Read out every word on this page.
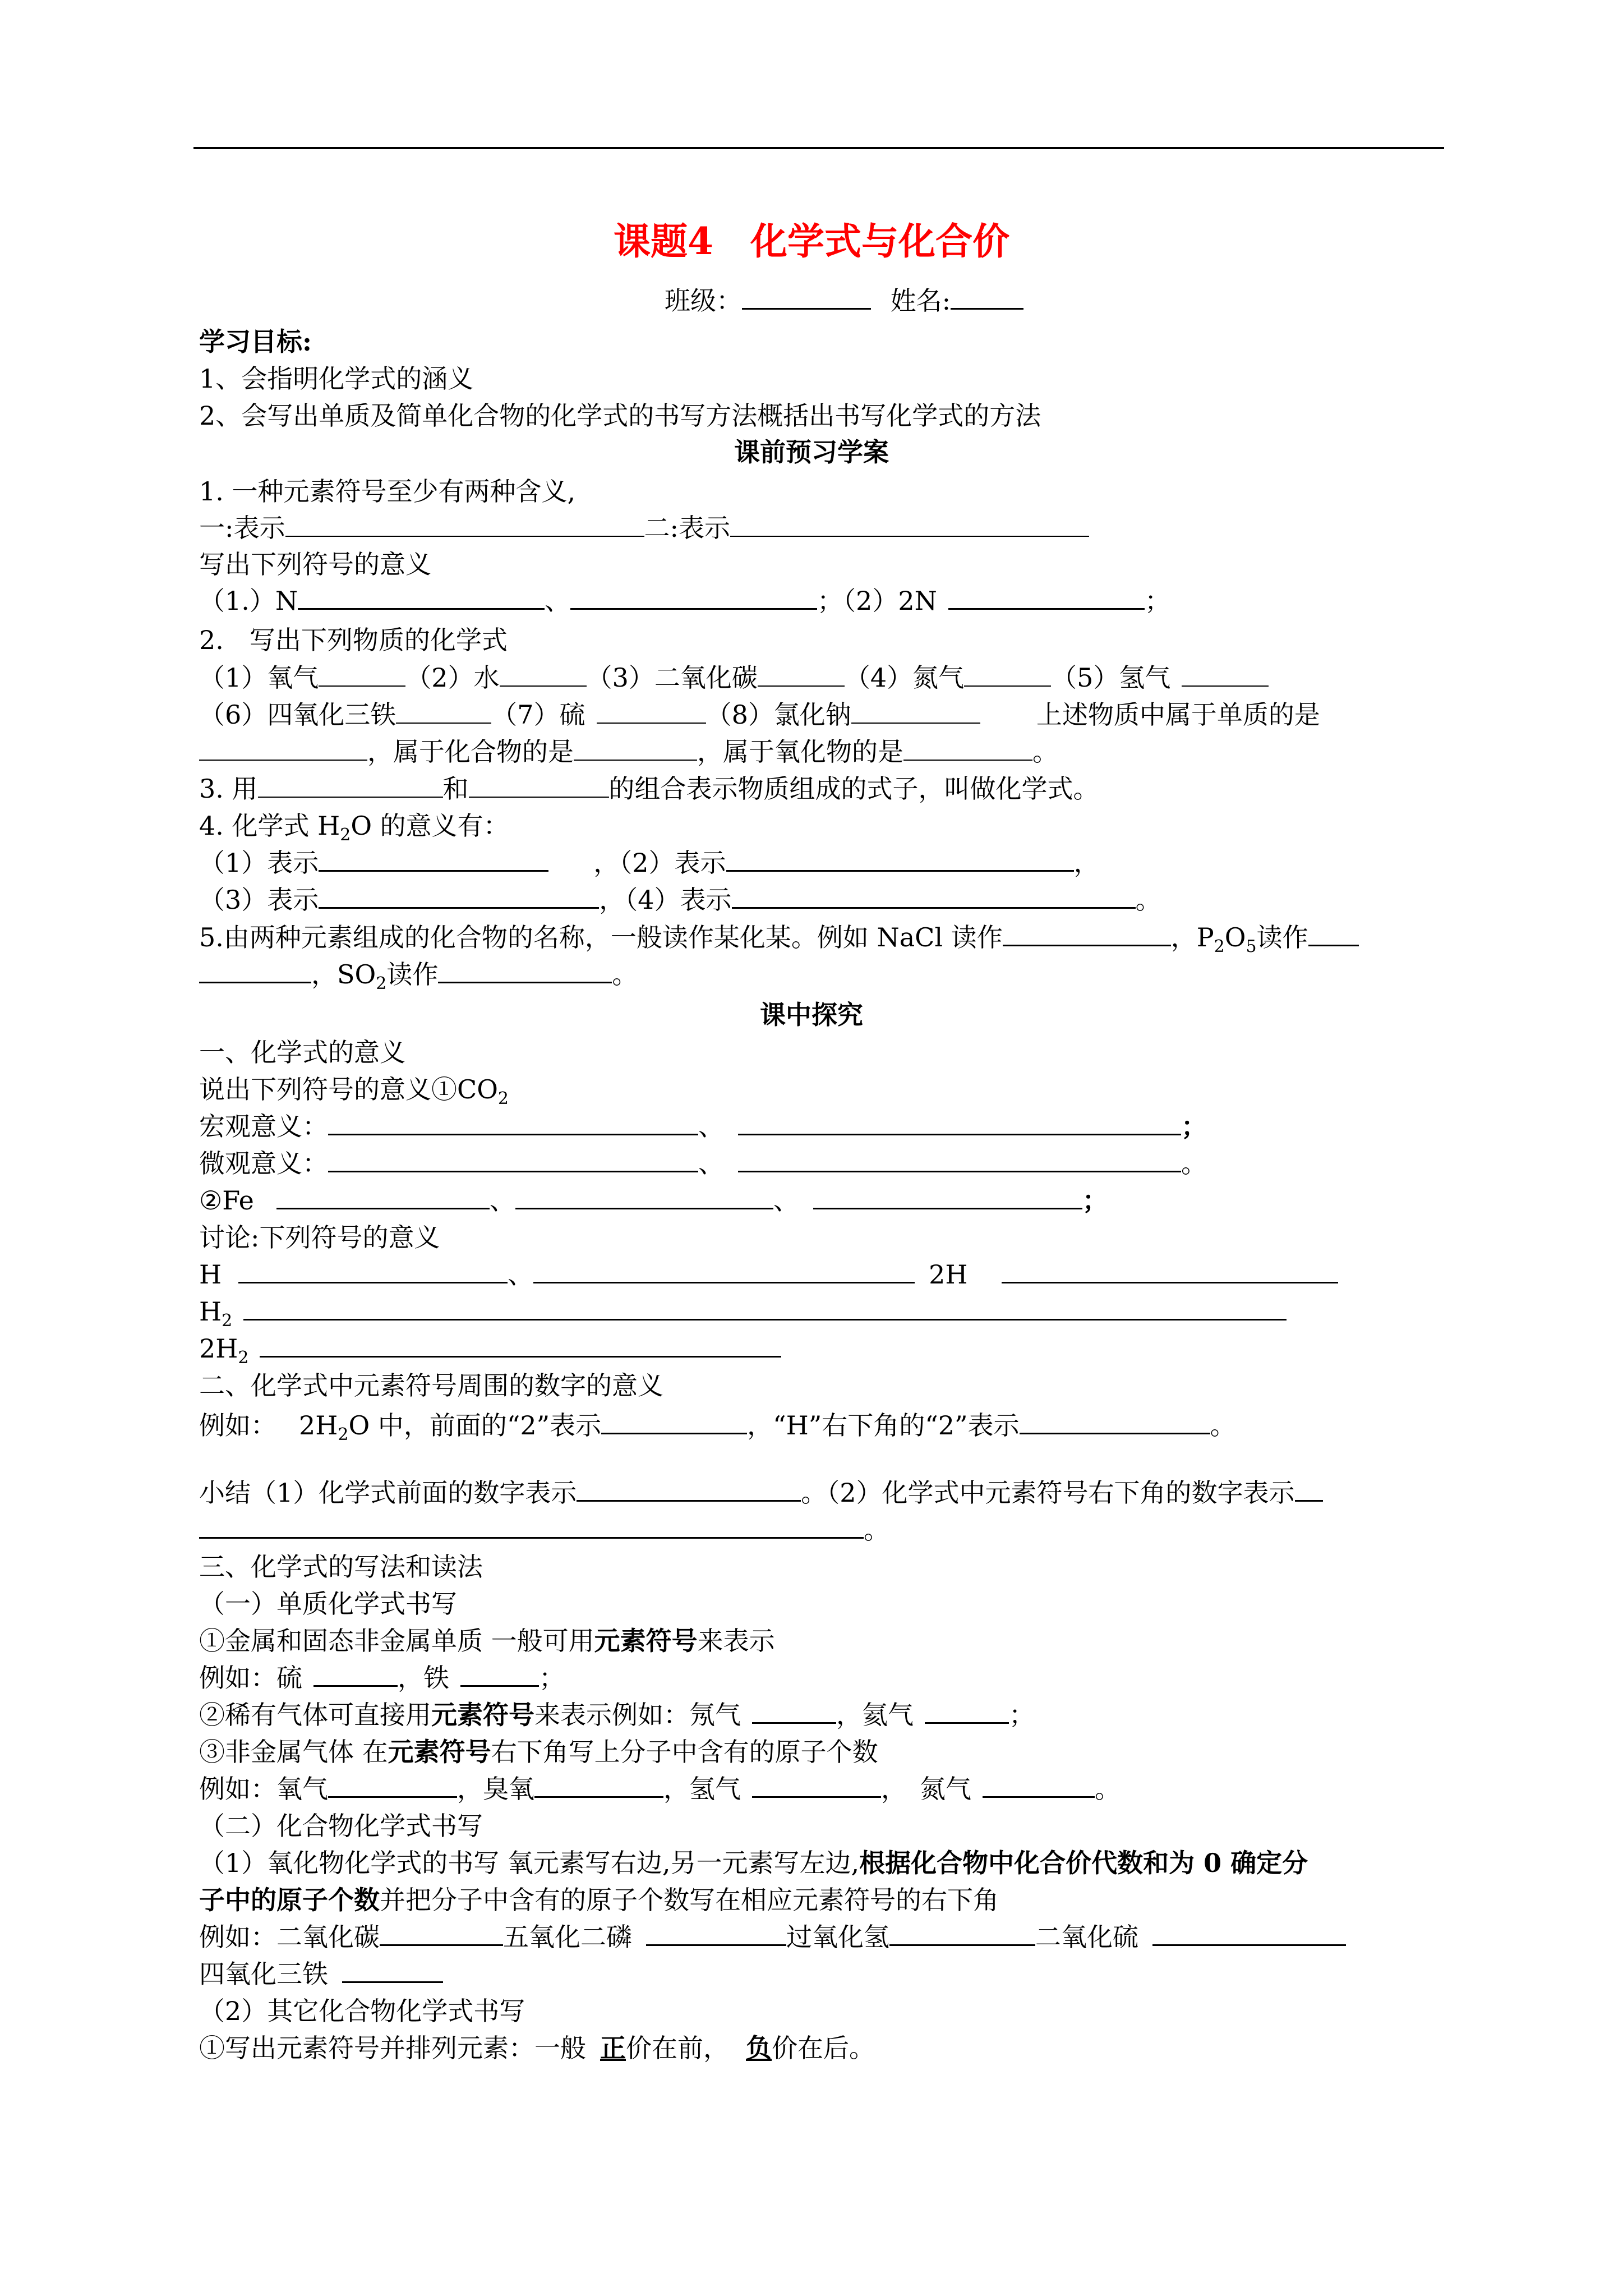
课题4　化学式与化合价
班级：	姓名:
学习目标:
1、会指明化学式的涵义
2、会写出单质及简单化合物的化学式的书写方法概括出书写化学式的方法
课前预习学案
1. 一种元素符号至少有两种含义,
一:表示	二:表示
写出下列符号的意义
（1.）N	、	；（2）2N	；
2.　写出下列物质的化学式
（1）氧气	（2）水	（3）二氧化碳	（4）氮气	（5）氢气
（6）四氧化三铁	（7）硫	（8）氯化钠	上述物质中属于单质的是
，属于化合物的是	，属于氧化物的是	。
3. 用	和	的组合表示物质组成的式子，叫做化学式。
4. 化学式 $H_2O$ 的意义有：
（1）表示	，（2）表示	，
（3）表示	，（4）表示	。
5.由两种元素组成的化合物的名称，一般读作某化某。例如 NaCl 读作	，$P_2O_5$读作
，$SO_2$读作	。
课中探究
一、化学式的意义
说出下列符号的意义$①CO_2$
宏观意义：	、	；
微观意义：	、	。
②Fe	、	、	；
讨论:下列符号的意义
H	、	2H
$H_2$
$2H_2$
二、化学式中元素符号周围的数字的意义
例如： $2H_2O$ 中，前面的“2”表示	，“H”右下角的“2”表示	。
小结（1）化学式前面的数字表示	。（2）化学式中元素符号右下角的数字表示
。
三、化学式的写法和读法
（一）单质化学式书写
①金属和固态非金属单质 一般可用元素符号来表示
例如：硫	，铁	；
②稀有气体可直接用元素符号来表示例如：氖气	，氦气	；
③非金属气体 在元素符号右下角写上分子中含有的原子个数
例如：氧气	，臭氧	，氢气	，　氮气	。
（二）化合物化学式书写
（1）氧化物化学式的书写 氧元素写右边,另一元素写左边,根据化合物中化合价代数和为 0 确定分
子中的原子个数并把分子中含有的原子个数写在相应元素符号的右下角
例如：二氧化碳	五氧化二磷	过氧化氢	二氧化硫
四氧化三铁
（2）其它化合物化学式书写
①写出元素符号并排列元素：一般 正价在前， 负价在后。
